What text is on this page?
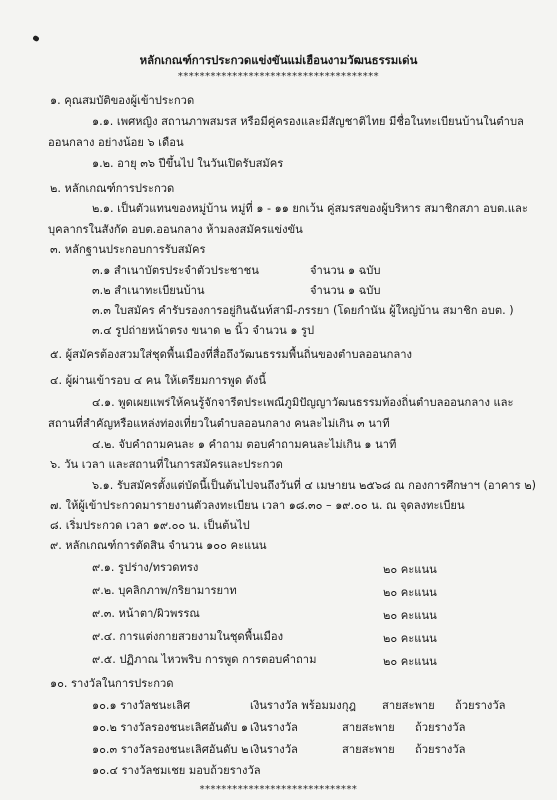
หลักเกณฑ์การประกวดแข่งขันแม่เฮือนงามวัฒนธรรมเด่น
*************************************
๑. คุณสมบัติของผู้เข้าประกวด
๑.๑. เพศหญิง สถานภาพสมรส หรือมีคู่ครองและมีสัญชาติไทย มีชื่อในทะเบียนบ้านในตำบล
ออนกลาง อย่างน้อย ๖ เดือน
๑.๒. อายุ ๓๖ ปีขึ้นไป ในวันเปิดรับสมัคร
๒. หลักเกณฑ์การประกวด
๒.๑. เป็นตัวแทนของหมู่บ้าน หมู่ที่ ๑ - ๑๑ ยกเว้น คู่สมรสของผู้บริหาร สมาชิกสภา อบต.และ
บุคลากรในสังกัด อบต.ออนกลาง ห้ามลงสมัครแข่งขัน
๓. หลักฐานประกอบการรับสมัคร
๓.๑ สำเนาบัตรประจำตัวประชาชน	จำนวน ๑ ฉบับ
๓.๒ สำเนาทะเบียนบ้าน	จำนวน ๑ ฉบับ
๓.๓ ใบสมัคร คำรับรองการอยู่กินฉันท์สามี-ภรรยา (โดยกำนัน ผู้ใหญ่บ้าน สมาชิก อบต. )
๓.๔ รูปถ่ายหน้าตรง ขนาด ๒ นิ้ว จำนวน ๑ รูป
๕. ผู้สมัครต้องสวมใส่ชุดพื้นเมืองที่สื่อถึงวัฒนธรรมพื้นถิ่นของตำบลออนกลาง
๔. ผู้ผ่านเข้ารอบ ๔ คน ให้เตรียมการพูด ดังนี้
๔.๑. พูดเผยแพร่ให้คนรู้จักจารีตประเพณีภูมิปัญญาวัฒนธรรมท้องถิ่นตำบลออนกลาง และ
สถานที่สำคัญหรือแหล่งท่องเที่ยวในตำบลออนกลาง คนละไม่เกิน ๓ นาที
๔.๒. จับคำถามคนละ ๑ คำถาม ตอบคำถามคนละไม่เกิน ๑ นาที
๖. วัน เวลา และสถานที่ในการสมัครและประกวด
๖.๑. รับสมัครตั้งแต่บัดนี้เป็นต้นไปจนถึงวันที่ ๔ เมษายน ๒๕๖๘ ณ กองการศึกษาฯ (อาคาร ๒)
๗. ให้ผู้เข้าประกวดมารายงานตัวลงทะเบียน เวลา ๑๘.๓๐ – ๑๙.๐๐ น. ณ จุดลงทะเบียน
๘. เริ่มประกวด เวลา ๑๙.๐๐ น. เป็นต้นไป
๙. หลักเกณฑ์การตัดสิน จำนวน ๑๐๐ คะแนน
๙.๑. รูปร่าง/ทรวดทรง	๒๐ คะแนน
๙.๒. บุคลิกภาพ/กริยามารยาท	๒๐ คะแนน
๙.๓. หน้าตา/ผิวพรรณ	๒๐ คะแนน
๙.๔. การแต่งกายสวยงามในชุดพื้นเมือง	๒๐ คะแนน
๙.๕. ปฏิภาณ ไหวพริบ การพูด การตอบคำถาม	๒๐ คะแนน
๑๐. รางวัลในการประกวด
๑๐.๑ รางวัลชนะเลิศ	เงินรางวัล พร้อมมงกุฎ สายสะพาย ถ้วยรางวัล
๑๐.๒ รางวัลรองชนะเลิศอันดับ ๑ เงินรางวัล	สายสะพาย ถ้วยรางวัล
๑๐.๓ รางวัลรองชนะเลิศอันดับ ๒ เงินรางวัล	สายสะพาย ถ้วยรางวัล
๑๐.๔ รางวัลชมเชย มอบถ้วยรางวัล
*****************************
